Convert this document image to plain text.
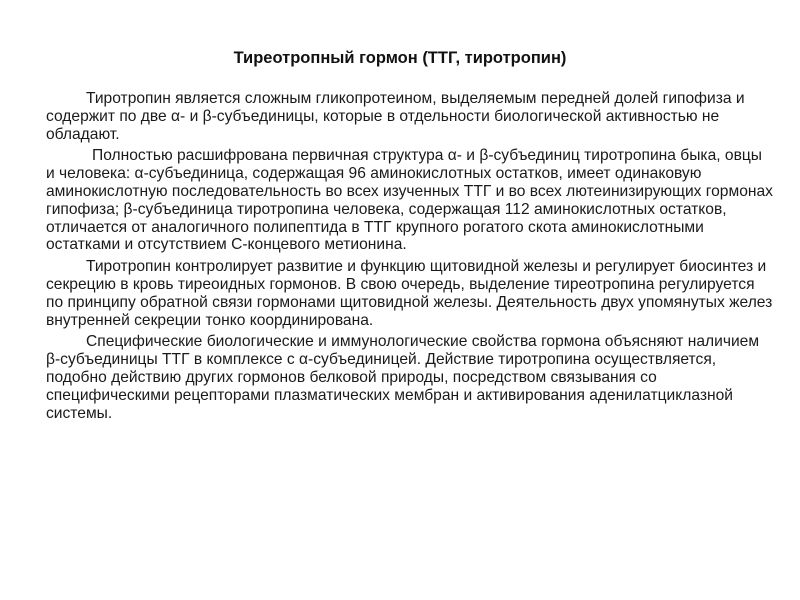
Тиреотропный гормон (ТТГ, тиротропин)

Тиротропин является сложным гликопротеином, выделяемым передней долей гипофиза и содержит по две α- и β-субъединицы, которые в отдельности биологической активностью не обладают.

Полностью расшифрована первичная структура α- и β-субъединиц тиротропина быка, овцы и человека: α-субъединица, содержащая 96 аминокислотных остатков, имеет одинаковую аминокислотную последовательность во всех изученных ТТГ и во всех лютеинизирующих гормонах гипофиза; β-субъединица тиротропина человека, содержащая 112 аминокислотных остатков, отличается от аналогичного полипептида в ТТГ крупного рогатого скота аминокислотными остатками и отсутствием С-концевого метионина.

Тиротропин контролирует развитие и функцию щитовидной железы и регулирует биосинтез и секрецию в кровь тиреоидных гормонов. В свою очередь, выделение тиреотропина регулируется по принципу обратной связи гормонами щитовидной железы. Деятельность двух упомянутых желез внутренней секреции тонко координирована.

Специфические биологические и иммунологические свойства гормона объясняют наличием β-субъединицы ТТГ в комплексе с α-субъединицей. Действие тиротропина осуществляется, подобно действию других гормонов белковой природы, посредством связывания со специфическими рецепторами плазматических мембран и активирования аденилатциклазной системы.
